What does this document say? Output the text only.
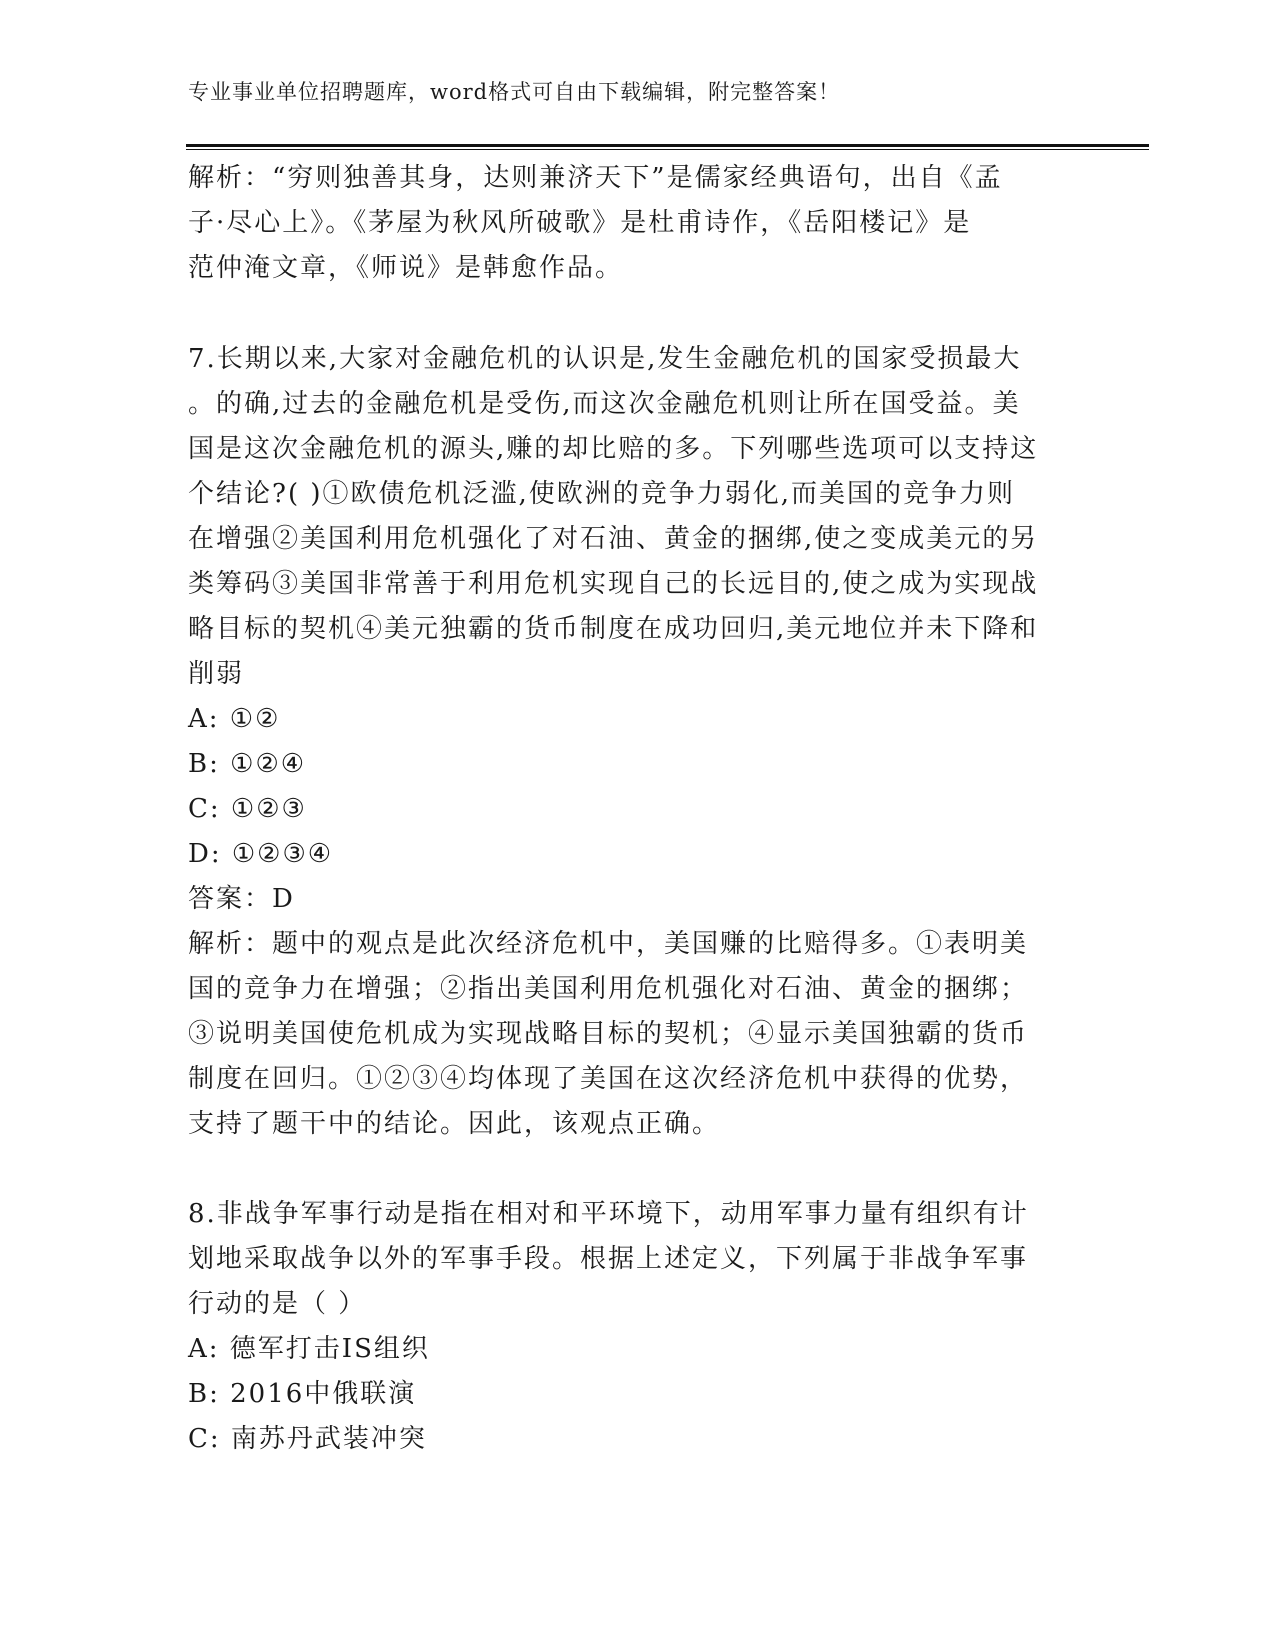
专业事业单位招聘题库，word格式可自由下载编辑，附完整答案！
解析：“穷则独善其身，达则兼济天下”是儒家经典语句，出自《孟
子·尽心上》。《茅屋为秋风所破歌》是杜甫诗作，《岳阳楼记》是
范仲淹文章，《师说》是韩愈作品。
7.长期以来,大家对金融危机的认识是,发生金融危机的国家受损最大
。的确,过去的金融危机是受伤,而这次金融危机则让所在国受益。美
国是这次金融危机的源头,赚的却比赔的多。下列哪些选项可以支持这
个结论?( )①欧债危机泛滥,使欧洲的竞争力弱化,而美国的竞争力则
在增强②美国利用危机强化了对石油、黄金的捆绑,使之变成美元的另
类筹码③美国非常善于利用危机实现自己的长远目的,使之成为实现战
略目标的契机④美元独霸的货币制度在成功回归,美元地位并未下降和
削弱
A: ①②
B: ①②④
C: ①②③
D: ①②③④
答案：D
解析：题中的观点是此次经济危机中，美国赚的比赔得多。①表明美
国的竞争力在增强；②指出美国利用危机强化对石油、黄金的捆绑；
③说明美国使危机成为实现战略目标的契机；④显示美国独霸的货币
制度在回归。①②③④均体现了美国在这次经济危机中获得的优势，
支持了题干中的结论。因此，该观点正确。
8.非战争军事行动是指在相对和平环境下，动用军事力量有组织有计
划地采取战争以外的军事手段。根据上述定义，下列属于非战争军事
行动的是（ ）
A: 德军打击IS组织
B: 2016中俄联演
C: 南苏丹武装冲突
